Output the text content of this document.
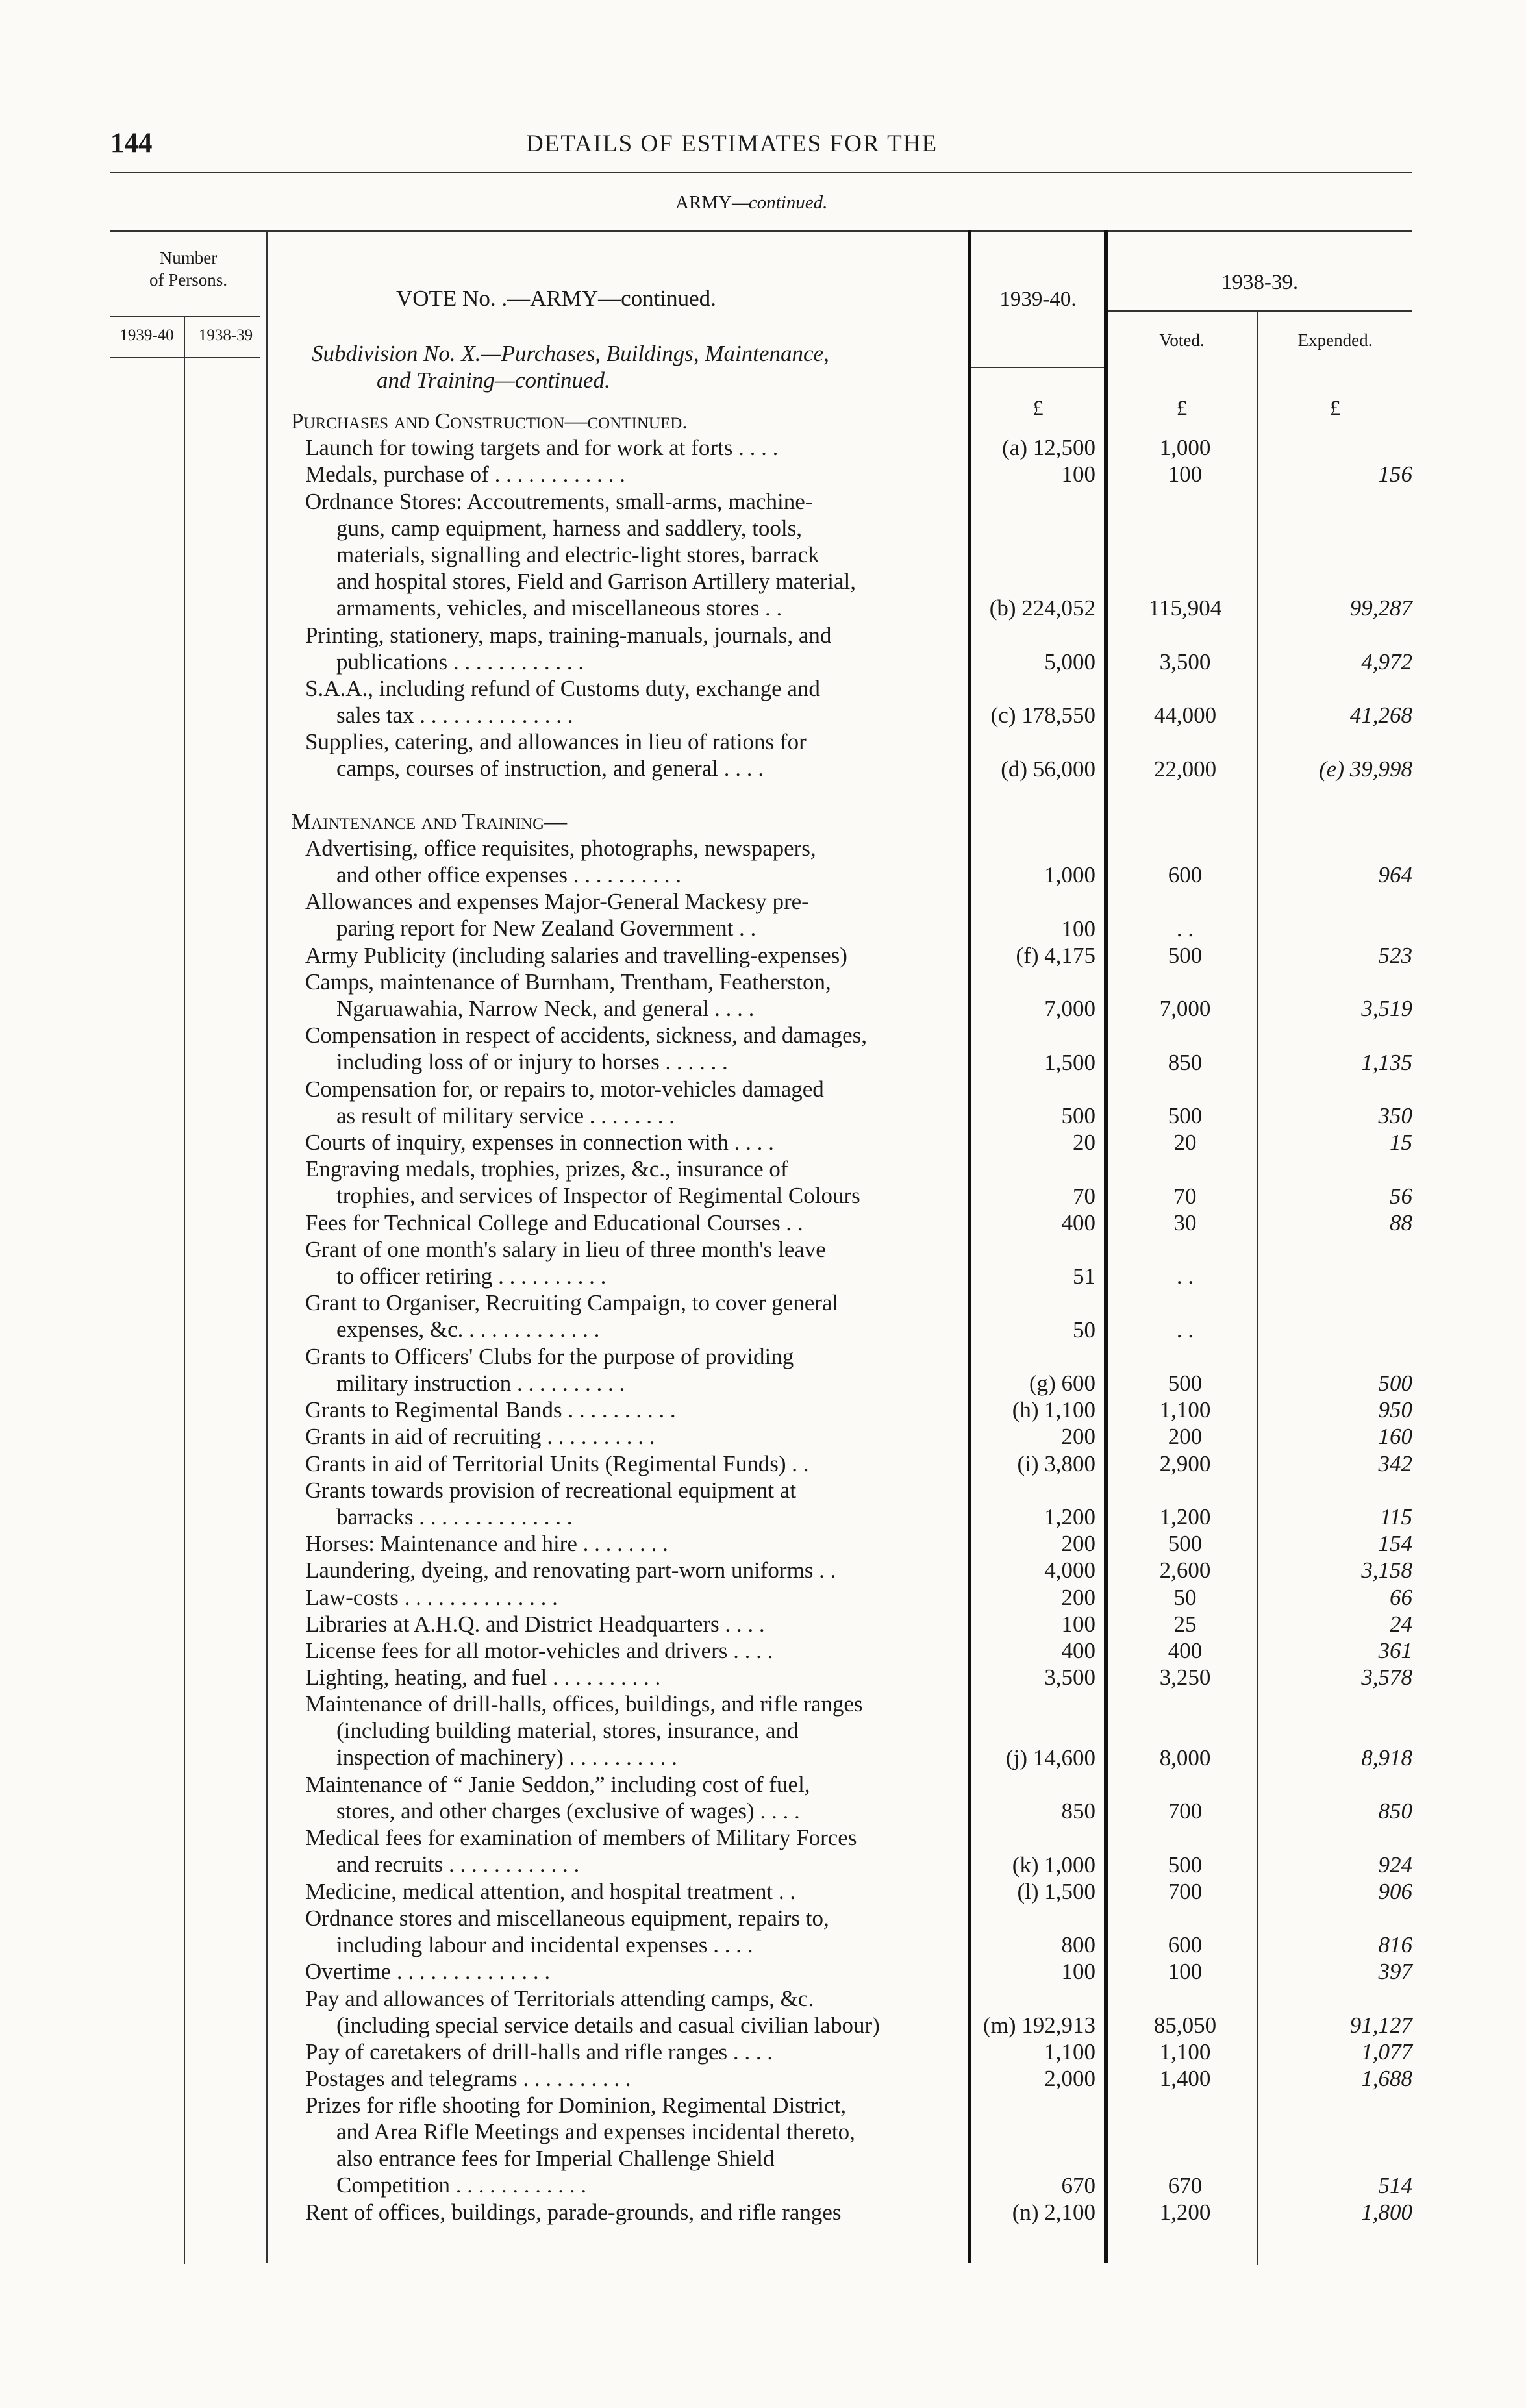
144	DETAILS OF ESTIMATES FOR THE
ARMY—continued.
Number
of Persons.
1939-40	1938-39
VOTE No. .—ARMY—continued.
Subdivision No. X.—Purchases, Buildings, Maintenance,
and Training—continued.
1939-40.
1938-39.
Voted.	Expended.
£	£	£
Purchases and Construction—continued.
Launch for towing targets and for work at forts . . . .	(a) 12,500	1,000
Medals, purchase of . . . . . . . . . . . .	100	100	156
Ordnance Stores: Accoutrements, small-arms, machine-
guns, camp equipment, harness and saddlery, tools,
materials, signalling and electric-light stores, barrack
and hospital stores, Field and Garrison Artillery material,
armaments, vehicles, and miscellaneous stores . .	(b) 224,052	115,904	99,287
Printing, stationery, maps, training-manuals, journals, and
publications . . . . . . . . . . . .	5,000	3,500	4,972
S.A.A., including refund of Customs duty, exchange and
sales tax . . . . . . . . . . . . . .	(c) 178,550	44,000	41,268
Supplies, catering, and allowances in lieu of rations for
camps, courses of instruction, and general . . . .	(d) 56,000	22,000	(e) 39,998
Maintenance and Training—
Advertising, office requisites, photographs, newspapers,
and other office expenses . . . . . . . . . .	1,000	600	964
Allowances and expenses Major-General Mackesy pre-
paring report for New Zealand Government . .	100	. .
Army Publicity (including salaries and travelling-expenses)	(f) 4,175	500	523
Camps, maintenance of Burnham, Trentham, Featherston,
Ngaruawahia, Narrow Neck, and general . . . .	7,000	7,000	3,519
Compensation in respect of accidents, sickness, and damages,
including loss of or injury to horses . . . . . .	1,500	850	1,135
Compensation for, or repairs to, motor-vehicles damaged
as result of military service . . . . . . . .	500	500	350
Courts of inquiry, expenses in connection with . . . .	20	20	15
Engraving medals, trophies, prizes, &c., insurance of
trophies, and services of Inspector of Regimental Colours	70	70	56
Fees for Technical College and Educational Courses . .	400	30	88
Grant of one month's salary in lieu of three month's leave
to officer retiring . . . . . . . . . .	51	. .
Grant to Organiser, Recruiting Campaign, to cover general
expenses, &c. . . . . . . . . . . . .	50	. .
Grants to Officers' Clubs for the purpose of providing
military instruction . . . . . . . . . .	(g) 600	500	500
Grants to Regimental Bands . . . . . . . . . .	(h) 1,100	1,100	950
Grants in aid of recruiting . . . . . . . . . .	200	200	160
Grants in aid of Territorial Units (Regimental Funds) . .	(i) 3,800	2,900	342
Grants towards provision of recreational equipment at
barracks . . . . . . . . . . . . . .	1,200	1,200	115
Horses: Maintenance and hire . . . . . . . .	200	500	154
Laundering, dyeing, and renovating part-worn uniforms . .	4,000	2,600	3,158
Law-costs . . . . . . . . . . . . . .	200	50	66
Libraries at A.H.Q. and District Headquarters . . . .	100	25	24
License fees for all motor-vehicles and drivers . . . .	400	400	361
Lighting, heating, and fuel . . . . . . . . . .	3,500	3,250	3,578
Maintenance of drill-halls, offices, buildings, and rifle ranges
(including building material, stores, insurance, and
inspection of machinery) . . . . . . . . . .	(j) 14,600	8,000	8,918
Maintenance of “ Janie Seddon,” including cost of fuel,
stores, and other charges (exclusive of wages) . . . .	850	700	850
Medical fees for examination of members of Military Forces
and recruits . . . . . . . . . . . .	(k) 1,000	500	924
Medicine, medical attention, and hospital treatment . .	(l) 1,500	700	906
Ordnance stores and miscellaneous equipment, repairs to,
including labour and incidental expenses . . . .	800	600	816
Overtime . . . . . . . . . . . . . .	100	100	397
Pay and allowances of Territorials attending camps, &c.
(including special service details and casual civilian labour)	(m) 192,913	85,050	91,127
Pay of caretakers of drill-halls and rifle ranges . . . .	1,100	1,100	1,077
Postages and telegrams . . . . . . . . . .	2,000	1,400	1,688
Prizes for rifle shooting for Dominion, Regimental District,
and Area Rifle Meetings and expenses incidental thereto,
also entrance fees for Imperial Challenge Shield
Competition . . . . . . . . . . . .	670	670	514
Rent of offices, buildings, parade-grounds, and rifle ranges	(n) 2,100	1,200	1,800
